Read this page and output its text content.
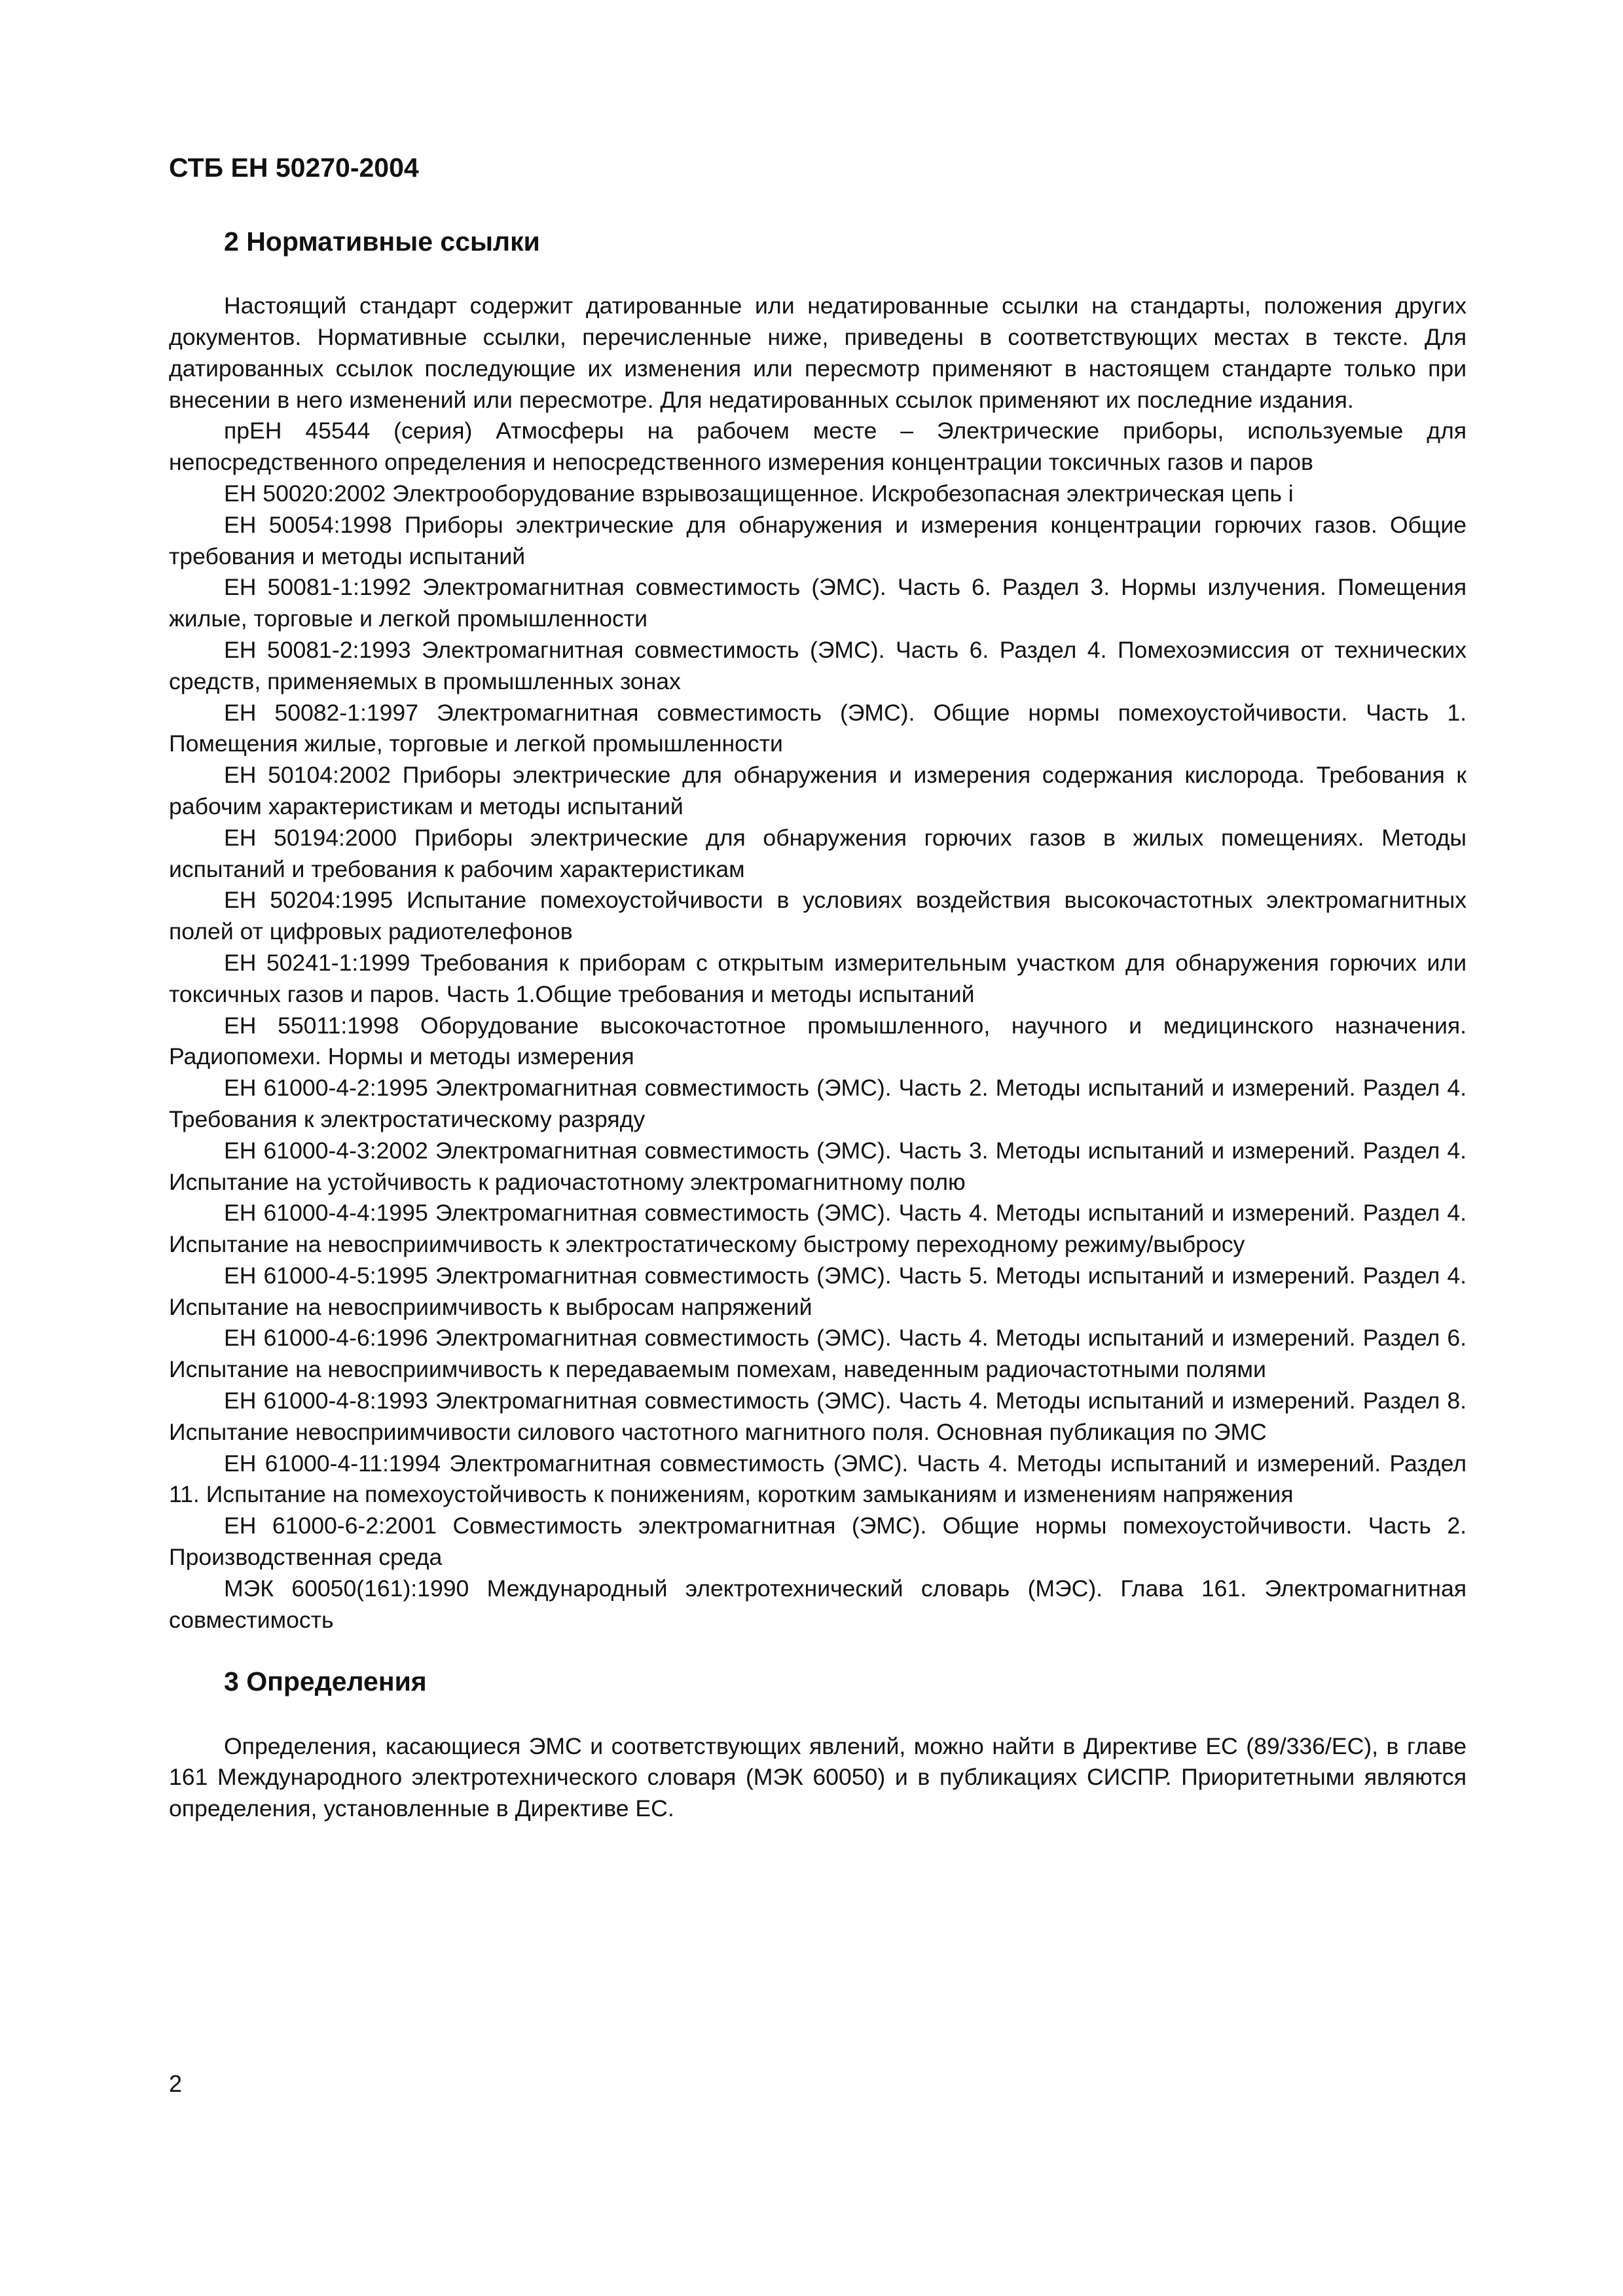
СТБ ЕН 50270-2004

2 Нормативные ссылки

Настоящий стандарт содержит датированные или недатированные ссылки на стандарты, положения других документов. Нормативные ссылки, перечисленные ниже, приведены в соответствующих местах в тексте. Для датированных ссылок последующие их изменения или пересмотр применяют в настоящем стандарте только при внесении в него изменений или пересмотре. Для недатированных ссылок применяют их последние издания.

прЕН 45544 (серия) Атмосферы на рабочем месте – Электрические приборы, используемые для непосредственного определения и непосредственного измерения концентрации токсичных газов и паров

ЕН 50020:2002 Электрооборудование взрывозащищенное. Искробезопасная электрическая цепь i

ЕН 50054:1998 Приборы электрические для обнаружения и измерения концентрации горючих газов. Общие требования и методы испытаний

ЕН 50081-1:1992 Электромагнитная совместимость (ЭМС). Часть 6. Раздел 3. Нормы излучения. Помещения жилые, торговые и легкой промышленности

ЕН 50081-2:1993 Электромагнитная совместимость (ЭМС). Часть 6. Раздел 4. Помехоэмиссия от технических средств, применяемых в промышленных зонах

ЕН 50082-1:1997 Электромагнитная совместимость (ЭМС). Общие нормы помехоустойчивости. Часть 1. Помещения жилые, торговые и легкой промышленности

ЕН 50104:2002 Приборы электрические для обнаружения и измерения содержания кислорода. Требования к рабочим характеристикам и методы испытаний

ЕН 50194:2000 Приборы электрические для обнаружения горючих газов в жилых помещениях. Методы испытаний и требования к рабочим характеристикам

ЕН 50204:1995 Испытание помехоустойчивости в условиях воздействия высокочастотных электромагнитных полей от цифровых радиотелефонов

ЕН 50241-1:1999 Требования к приборам с открытым измерительным участком для обнаружения горючих или токсичных газов и паров. Часть 1.Общие требования и методы испытаний

ЕН 55011:1998 Оборудование высокочастотное промышленного, научного и медицинского назначения. Радиопомехи. Нормы и методы измерения

ЕН 61000-4-2:1995 Электромагнитная совместимость (ЭМС). Часть 2. Методы испытаний и измерений. Раздел 4. Требования к электростатическому разряду

ЕН 61000-4-3:2002 Электромагнитная совместимость (ЭМС). Часть 3. Методы испытаний и измерений. Раздел 4. Испытание на устойчивость к радиочастотному электромагнитному полю

ЕН 61000-4-4:1995 Электромагнитная совместимость (ЭМС). Часть 4. Методы испытаний и измерений. Раздел 4. Испытание на невосприимчивость к электростатическому быстрому переходному режиму/выбросу

ЕН 61000-4-5:1995 Электромагнитная совместимость (ЭМС). Часть 5. Методы испытаний и измерений. Раздел 4. Испытание на невосприимчивость к выбросам напряжений

ЕН 61000-4-6:1996 Электромагнитная совместимость (ЭМС). Часть 4. Методы испытаний и измерений. Раздел 6. Испытание на невосприимчивость к передаваемым помехам, наведенным радиочастотными полями

ЕН 61000-4-8:1993 Электромагнитная совместимость (ЭМС). Часть 4. Методы испытаний и измерений. Раздел 8. Испытание невосприимчивости силового частотного магнитного поля. Основная публикация по ЭМС

ЕН 61000-4-11:1994 Электромагнитная совместимость (ЭМС). Часть 4. Методы испытаний и измерений. Раздел 11. Испытание на помехоустойчивость к понижениям, коротким замыканиям и изменениям напряжения

ЕН 61000-6-2:2001 Совместимость электромагнитная (ЭМС). Общие нормы помехоустойчивости. Часть 2. Производственная среда

МЭК 60050(161):1990 Международный электротехнический словарь (МЭС). Глава 161. Электромагнитная совместимость

3 Определения

Определения, касающиеся ЭМС и соответствующих явлений, можно найти в Директиве ЕС (89/336/ЕС), в главе 161 Международного электротехнического словаря (МЭК 60050) и в публикациях СИСПР. Приоритетными являются определения, установленные в Директиве ЕС.

2
